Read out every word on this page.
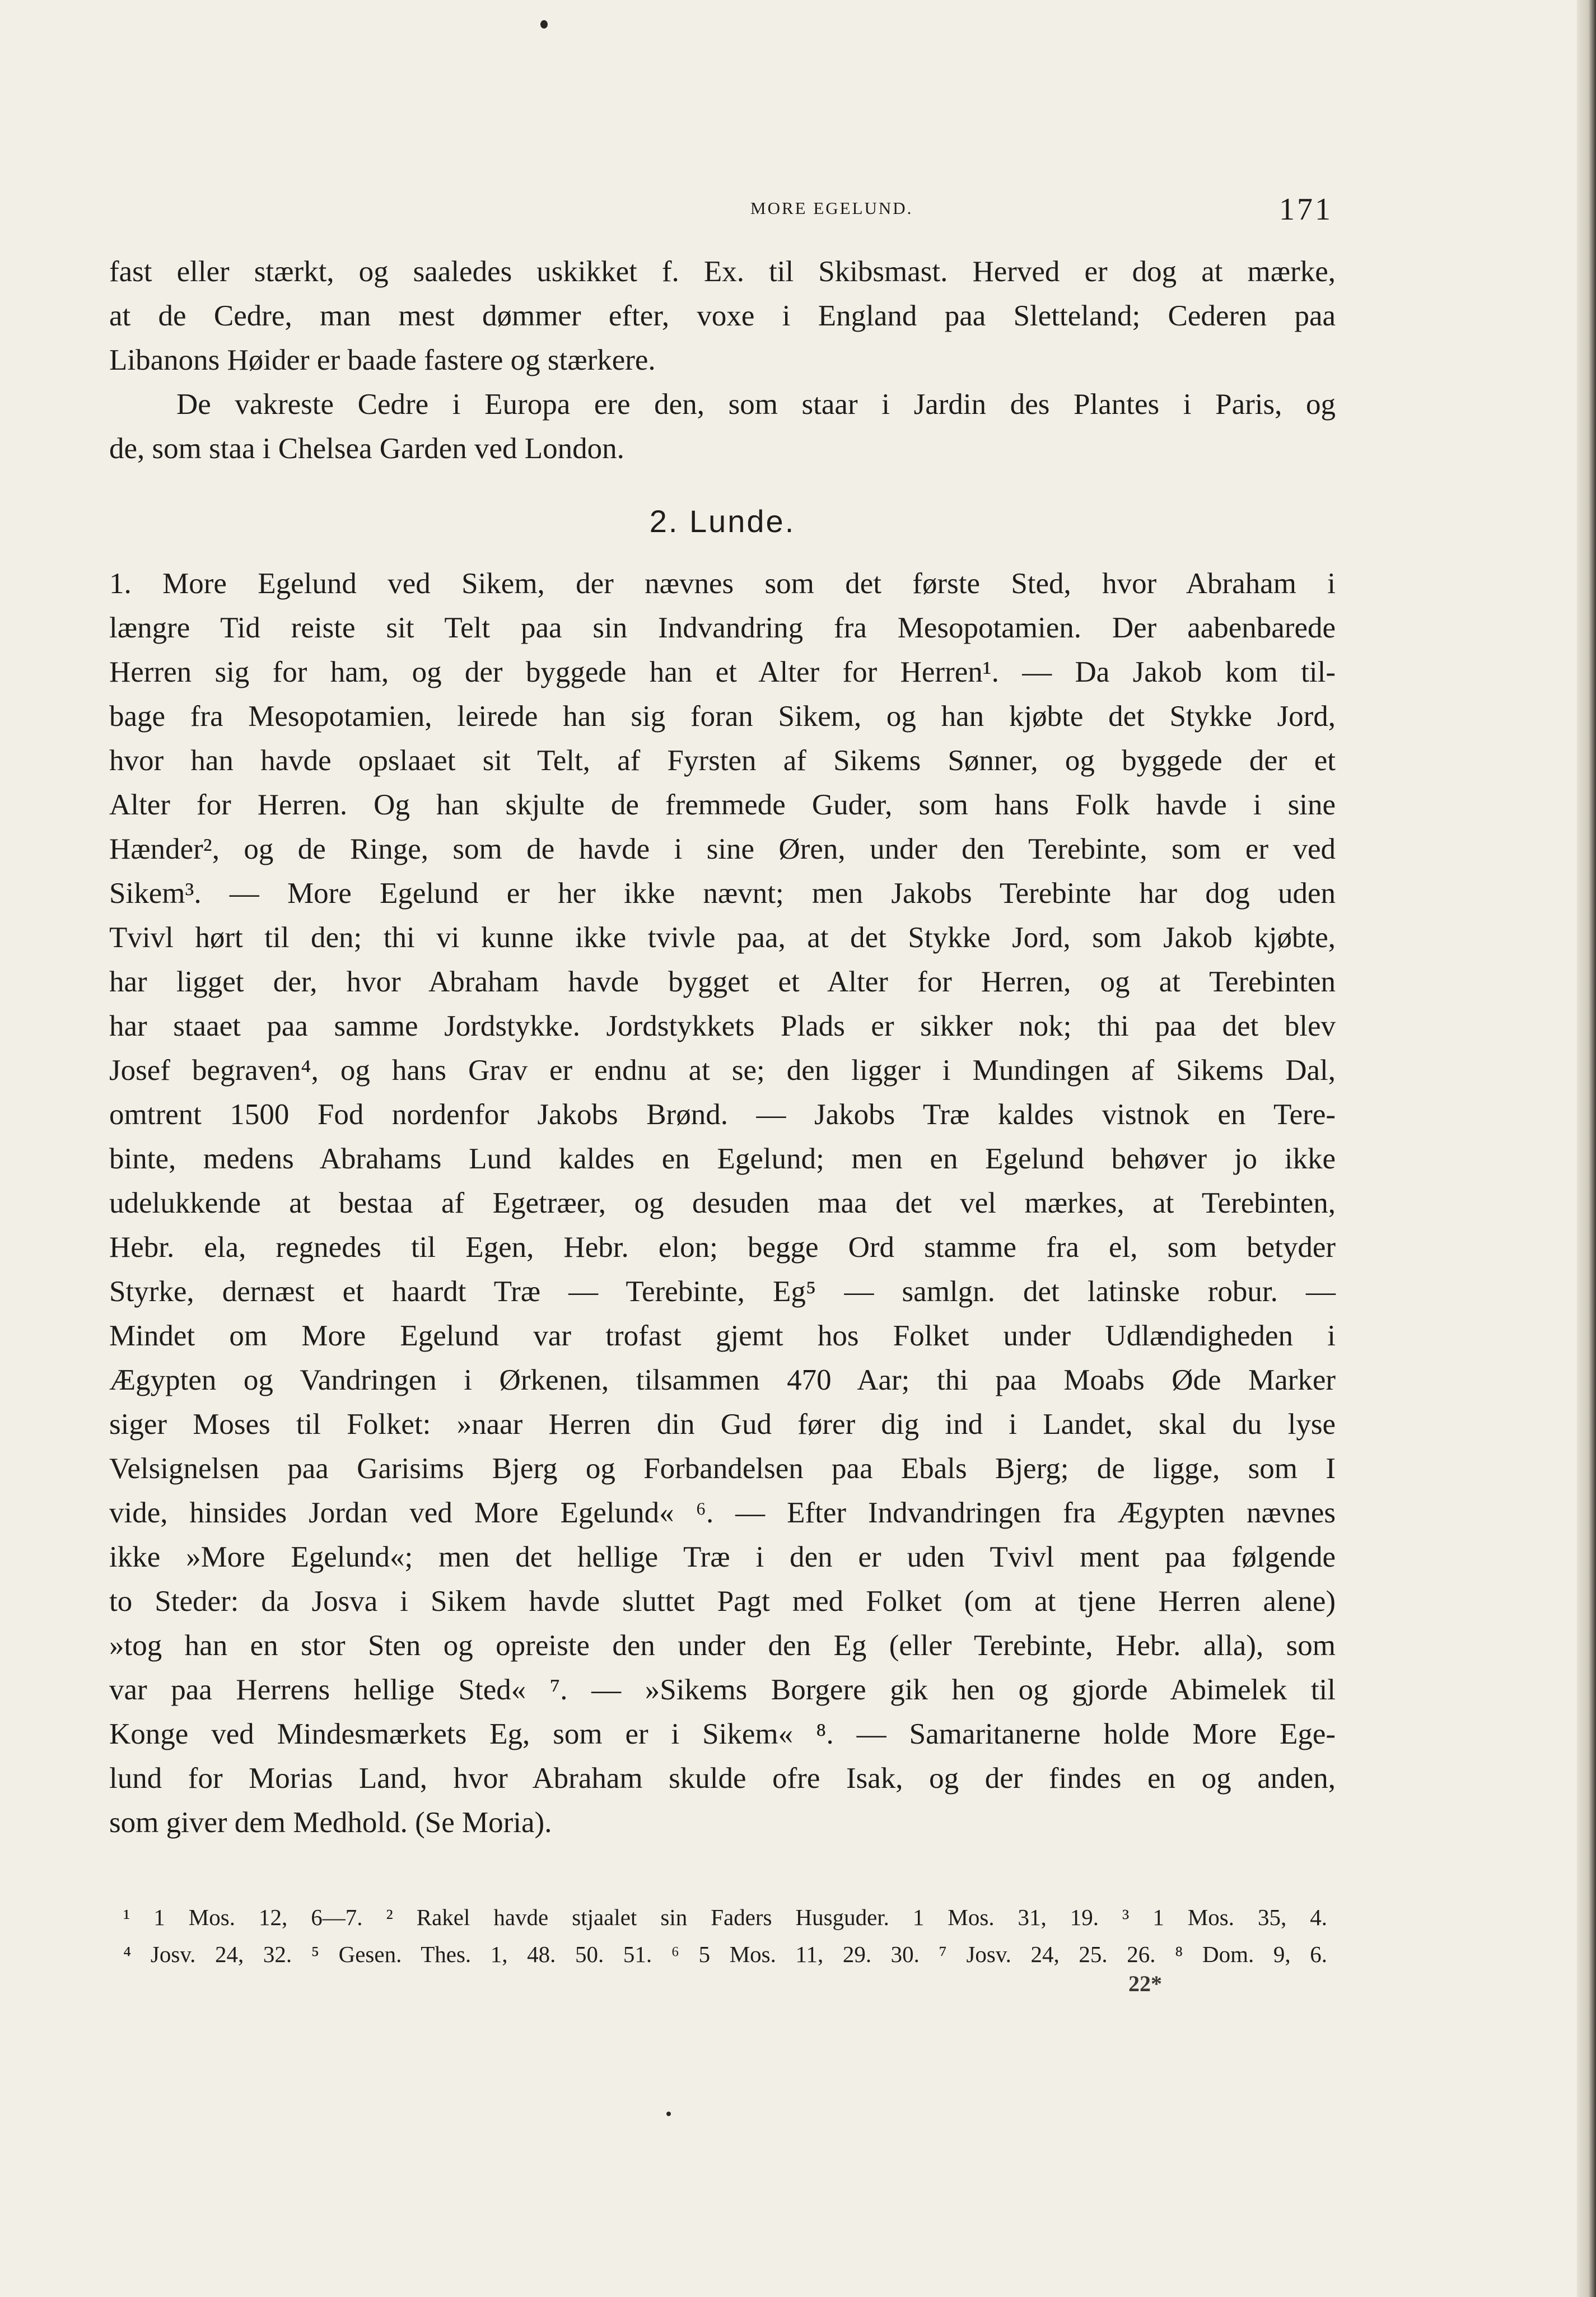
MORE EGELUND.	171
fast eller stærkt, og saaledes uskikket f. Ex. til Skibsmast. Herved er dog at mærke,
at de Cedre, man mest dømmer efter, voxe i England paa Sletteland; Cederen paa
Libanons Høider er baade fastere og stærkere.
De vakreste Cedre i Europa ere den, som staar i Jardin des Plantes i Paris, og
de, som staa i Chelsea Garden ved London.
2. Lunde.
1. More Egelund ved Sikem, der nævnes som det første Sted, hvor Abraham i
længre Tid reiste sit Telt paa sin Indvandring fra Mesopotamien. Der aabenbarede
Herren sig for ham, og der byggede han et Alter for Herren¹. — Da Jakob kom til-
bage fra Mesopotamien, leirede han sig foran Sikem, og han kjøbte det Stykke Jord,
hvor han havde opslaaet sit Telt, af Fyrsten af Sikems Sønner, og byggede der et
Alter for Herren. Og han skjulte de fremmede Guder, som hans Folk havde i sine
Hænder², og de Ringe, som de havde i sine Øren, under den Terebinte, som er ved
Sikem³. — More Egelund er her ikke nævnt; men Jakobs Terebinte har dog uden
Tvivl hørt til den; thi vi kunne ikke tvivle paa, at det Stykke Jord, som Jakob kjøbte,
har ligget der, hvor Abraham havde bygget et Alter for Herren, og at Terebinten
har staaet paa samme Jordstykke. Jordstykkets Plads er sikker nok; thi paa det blev
Josef begraven⁴, og hans Grav er endnu at se; den ligger i Mundingen af Sikems Dal,
omtrent 1500 Fod nordenfor Jakobs Brønd. — Jakobs Træ kaldes vistnok en Tere-
binte, medens Abrahams Lund kaldes en Egelund; men en Egelund behøver jo ikke
udelukkende at bestaa af Egetræer, og desuden maa det vel mærkes, at Terebinten,
Hebr. ela, regnedes til Egen, Hebr. elon; begge Ord stamme fra el, som betyder
Styrke, dernæst et haardt Træ — Terebinte, Eg⁵ — samlgn. det latinske robur. —
Mindet om More Egelund var trofast gjemt hos Folket under Udlændigheden i
Ægypten og Vandringen i Ørkenen, tilsammen 470 Aar; thi paa Moabs Øde Marker
siger Moses til Folket: »naar Herren din Gud fører dig ind i Landet, skal du lyse
Velsignelsen paa Garisims Bjerg og Forbandelsen paa Ebals Bjerg; de ligge, som I
vide, hinsides Jordan ved More Egelund« ⁶. — Efter Indvandringen fra Ægypten nævnes
ikke »More Egelund«; men det hellige Træ i den er uden Tvivl ment paa følgende
to Steder: da Josva i Sikem havde sluttet Pagt med Folket (om at tjene Herren alene)
»tog han en stor Sten og opreiste den under den Eg (eller Terebinte, Hebr. alla), som
var paa Herrens hellige Sted« ⁷. — »Sikems Borgere gik hen og gjorde Abimelek til
Konge ved Mindesmærkets Eg, som er i Sikem« ⁸. — Samaritanerne holde More Ege-
lund for Morias Land, hvor Abraham skulde ofre Isak, og der findes en og anden,
som giver dem Medhold. (Se Moria).
¹ 1 Mos. 12, 6—7. ² Rakel havde stjaalet sin Faders Husguder. 1 Mos. 31, 19. ³ 1 Mos. 35, 4.
⁴ Josv. 24, 32. ⁵ Gesen. Thes. 1, 48. 50. 51. ⁶ 5 Mos. 11, 29. 30. ⁷ Josv. 24, 25. 26. ⁸ Dom. 9, 6.
22*
